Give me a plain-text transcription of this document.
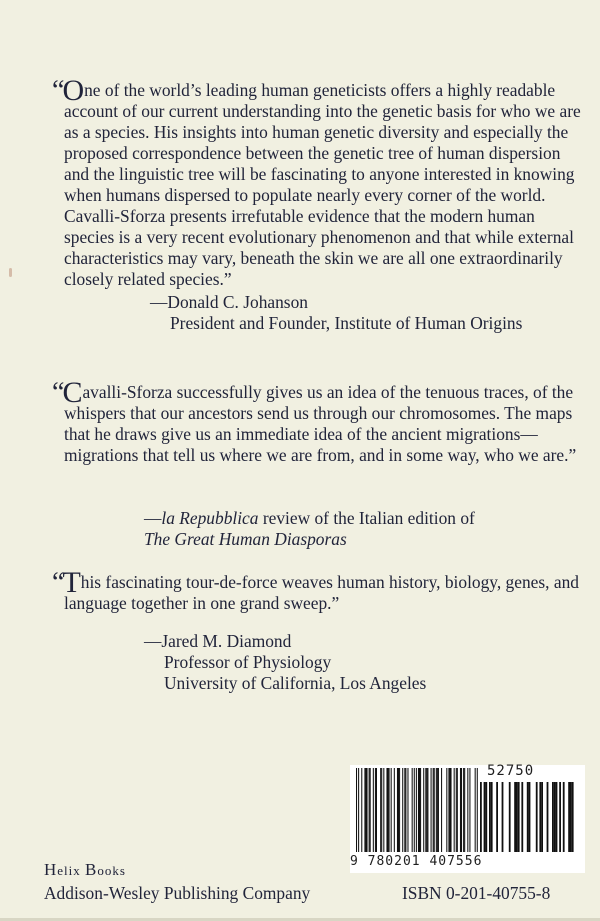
“One of the world’s leading human geneticists offers a highly readable account of our current understanding into the genetic basis for who we are as a species. His insights into human genetic diversity and especially the proposed correspondence between the genetic tree of human dispersion and the linguistic tree will be fascinating to anyone interested in knowing when humans dispersed to populate nearly every corner of the world. Cavalli-Sforza presents irrefutable evidence that the modern human species is a very recent evolutionary phenomenon and that while external characteristics may vary, beneath the skin we are all one extraordinarily closely related species.”

—Donald C. Johanson
President and Founder, Institute of Human Origins

“Cavalli-Sforza successfully gives us an idea of the tenuous traces, of the whispers that our ancestors send us through our chromosomes. The maps that he draws give us an immediate idea of the ancient migrations—migrations that tell us where we are from, and in some way, who we are.”

—la Repubblica review of the Italian edition of
The Great Human Diasporas

“This fascinating tour-de-force weaves human history, biology, genes, and language together in one grand sweep.”

—Jared M. Diamond
Professor of Physiology
University of California, Los Angeles
52750
9 780201 407556
Helix Books
Addison-Wesley Publishing Company	ISBN 0-201-40755-8
